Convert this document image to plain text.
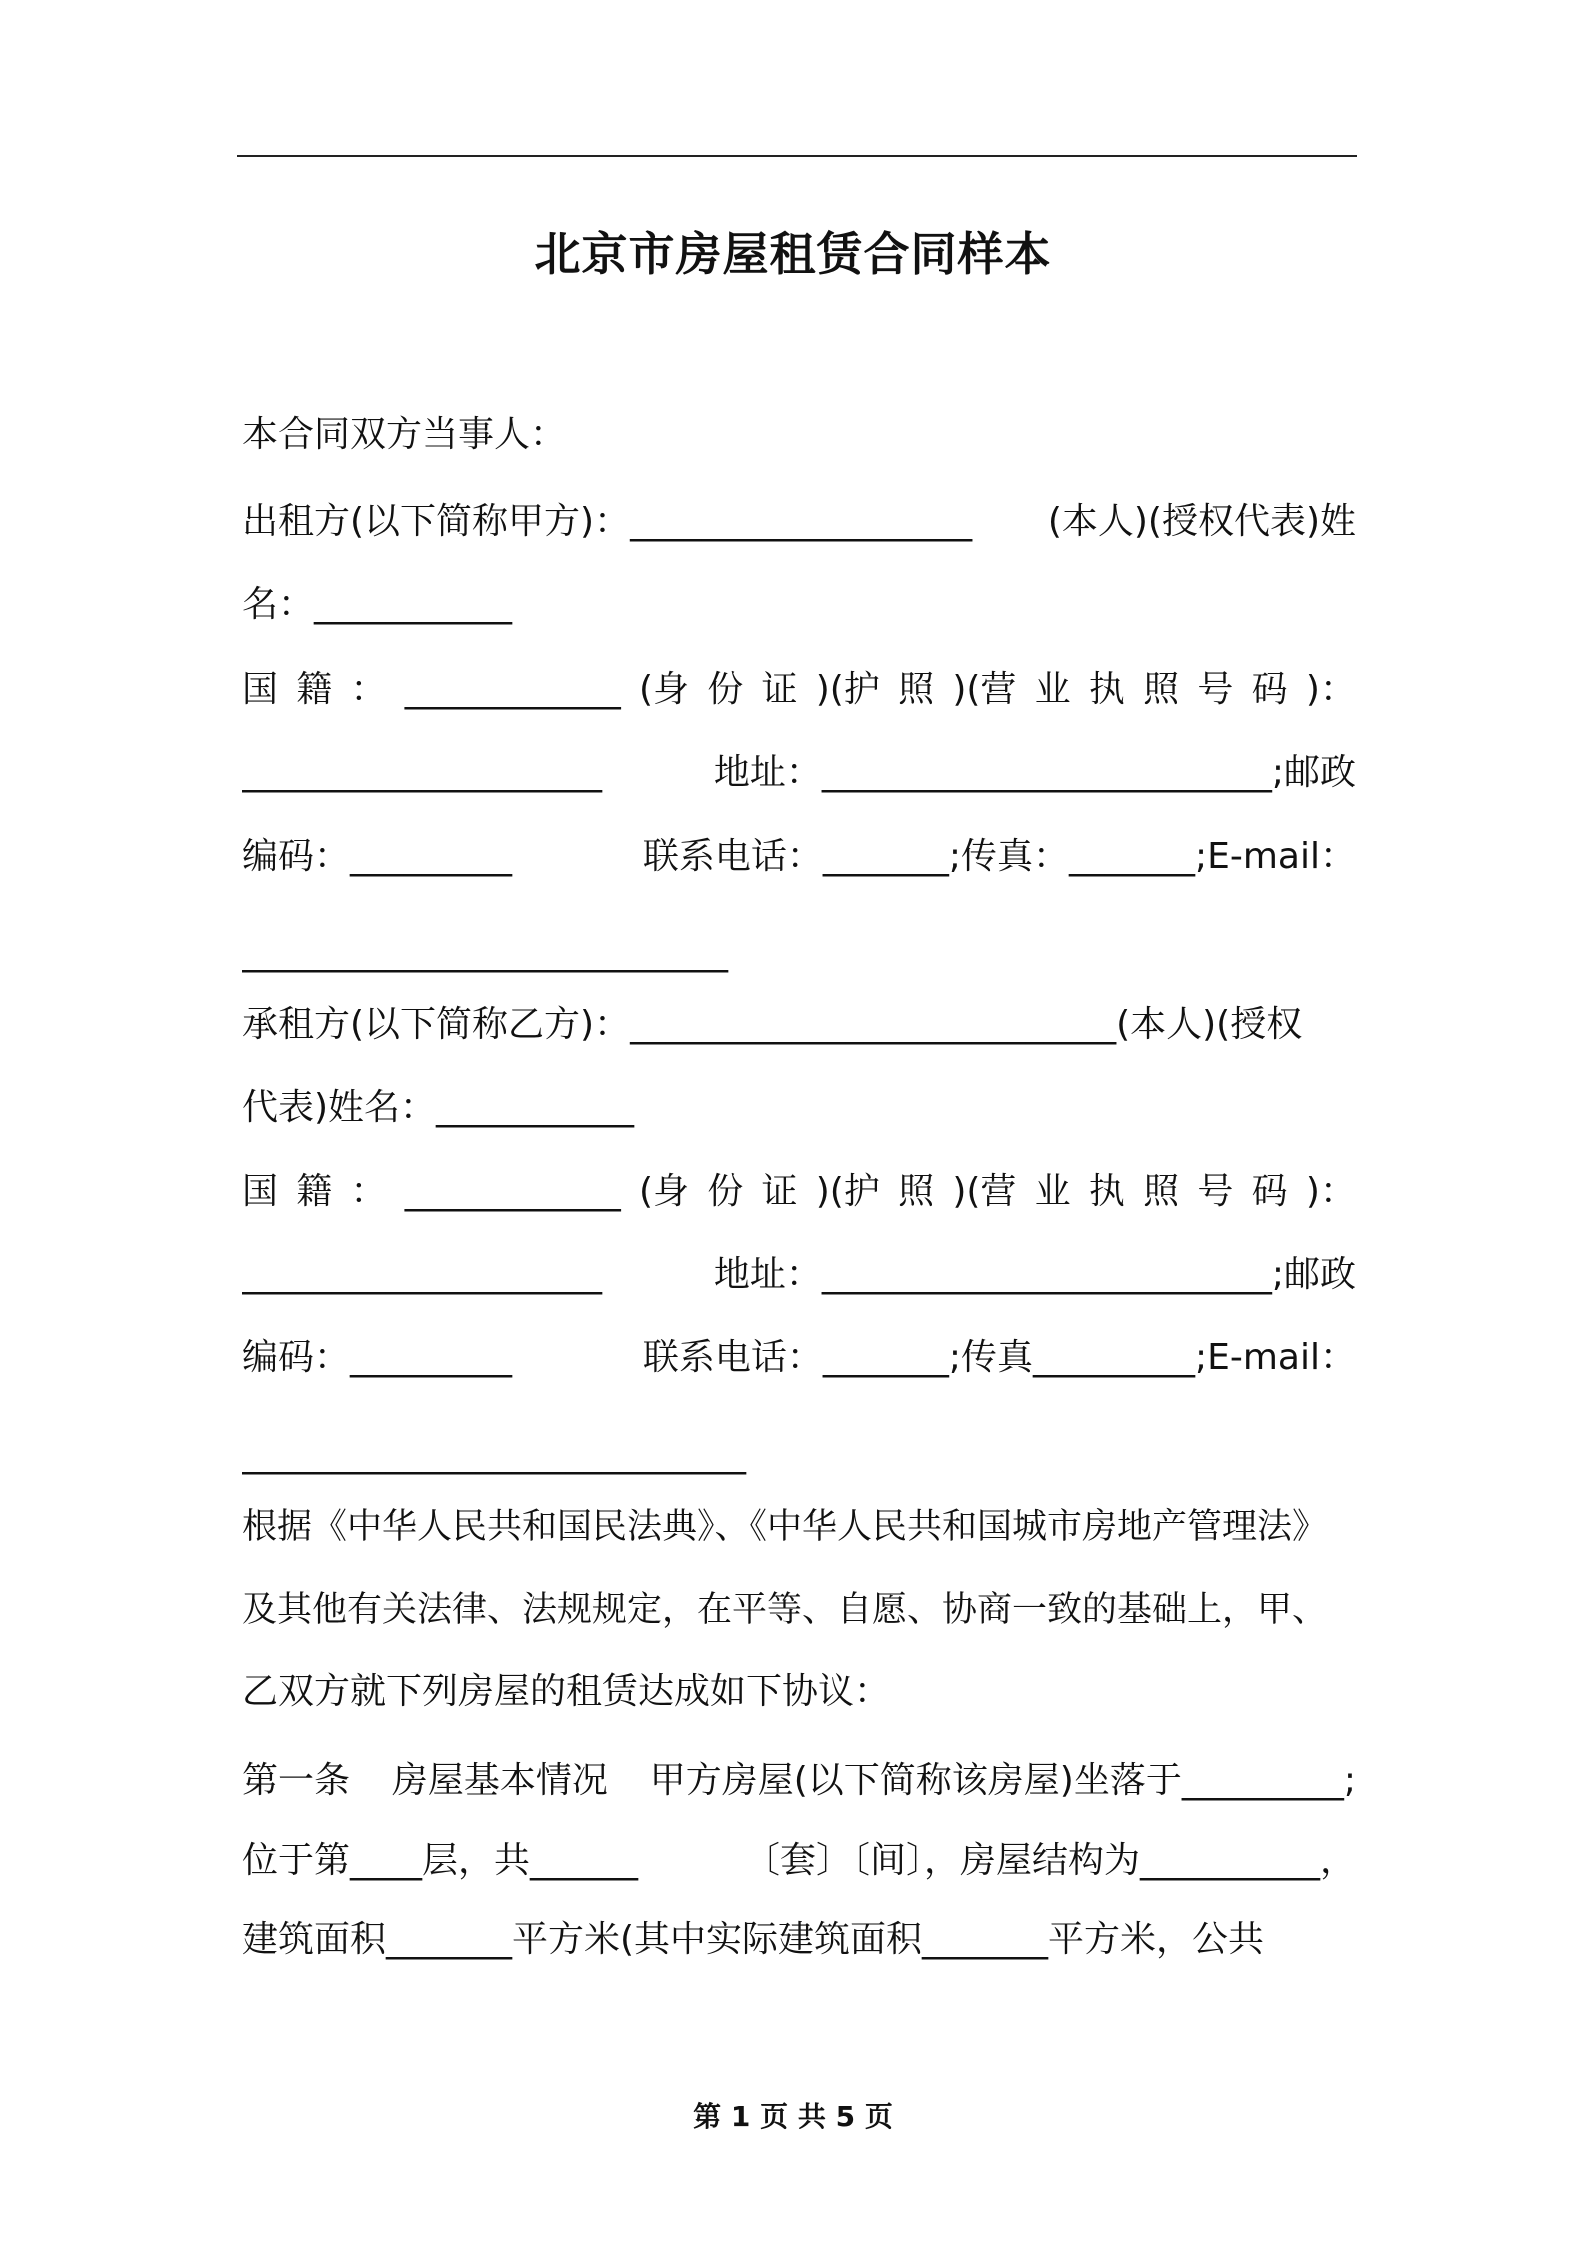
北京市房屋租赁合同样本
本合同双方当事人：
出租方(以下简称甲方)：___________________ (本人)(授权代表)姓
名：___________
国 籍 ： ____________ (身 份 证 )(护 照 )(营 业 执 照 号 码 )：
____________________	地址：_________________________;邮政
编码：_________	联系电话：_______;传真：_______;E-mail：
___________________________
承租方(以下简称乙方)：___________________________(本人)(授权
代表)姓名：___________
国 籍 ： ____________ (身 份 证 )(护 照 )(营 业 执 照 号 码 )：
____________________	地址：_________________________;邮政
编码：_________	联系电话：_______;传真_________;E-mail：
____________________________
根据《中华人民共和国民法典》、《中华人民共和国城市房地产管理法》
及其他有关法律、法规规定，在平等、自愿、协商一致的基础上，甲、
乙双方就下列房屋的租赁达成如下协议：
第一条 房屋基本情况 甲方房屋(以下简称该房屋)坐落于_________;
位于第____层，共______	〔套〕〔间〕，房屋结构为__________，
建筑面积_______平方米(其中实际建筑面积_______平方米，公共
第 1 页 共 5 页
